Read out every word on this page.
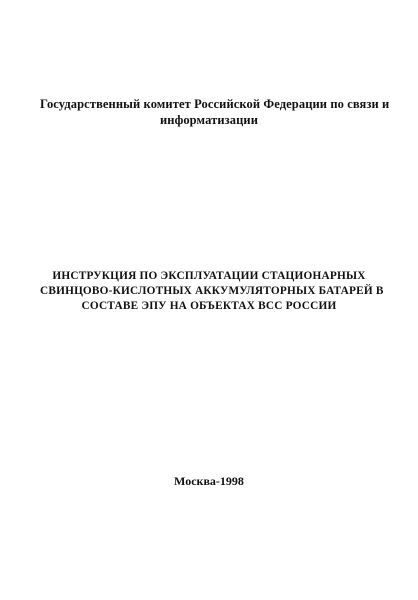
Государственный комитет Российской Федерации по связи и
информатизации
ИНСТРУКЦИЯ ПО ЭКСПЛУАТАЦИИ СТАЦИОНАРНЫХ
СВИНЦОВО-КИСЛОТНЫХ АККУМУЛЯТОРНЫХ БАТАРЕЙ В
СОСТАВЕ ЭПУ НА ОБЪЕКТАХ ВСС РОССИИ
Москва-1998
